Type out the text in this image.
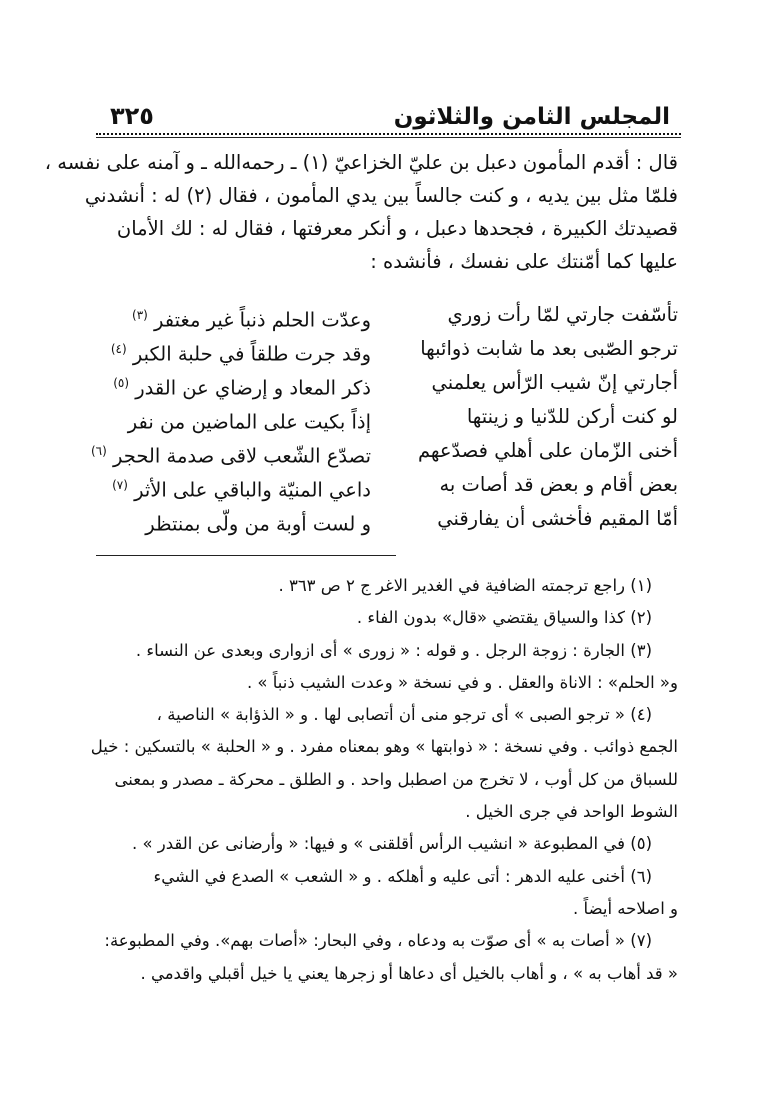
المجلس الثامن والثلاثون
٣٢٥
قال : أقدم المأمون دعبل بن عليّ الخزاعيّ (١) ـ رحمه‌الله ـ و آمنه على نفسه ،
فلمّا مثل بين يديه ، و كنت جالساً بين يدي المأمون ، فقال (٢) له : أنشدني
قصيدتك الكبيرة ، فجحدها دعبل ، و أنكر معرفتها ، فقال له : لك الأمان
عليها كما أمّنتك على نفسك ، فأنشده :
تأسّفت جارتي لمّا رأت زوري
وعدّت الحلم ذنباً غير مغتفر $^{(٣)}$
ترجو الصّبى بعد ما شابت ذوائبها
وقد جرت طلقاً في حلبة الكبر $^{(٤)}$
أجارتي إنّ شيب الرّأس يعلمني
ذكر المعاد و إرضاي عن القدر $^{(٥)}$
لو كنت أركن للدّنيا و زينتها
إذاً بكيت على الماضين من نفر
أخنى الزّمان على أهلي فصدّعهم
تصدّع الشّعب لاقى صدمة الحجر $^{(٦)}$
بعض أقام و بعض قد أصات به
داعي المنيّة والباقي على الأثر $^{(٧)}$
أمّا المقيم فأخشى أن يفارقني
و لست أوبة من ولّى بمنتظر
(١) راجع ترجمته الضافية في الغدير الاغر ج ٢ ص ٣٦٣ .
(٢) كذا والسياق يقتضي «قال» بدون الفاء .
(٣) الجارة : زوجة الرجل . و قوله : « زورى » أى ازوارى وبعدى عن النساء .
و« الحلم» : الاناة والعقل . و في نسخة « وعدت الشيب ذنباً » .
(٤) « ترجو الصبى » أى ترجو منى أن أتصابى لها . و « الذؤابة » الناصية ،
الجمع ذوائب . وفي نسخة : « ذوابتها » وهو بمعناه مفرد . و « الحلبة » بالتسكين : خيل
للسباق من كل أوب ، لا تخرج من اصطبل واحد . و الطلق ـ محركة ـ مصدر و بمعنى
الشوط الواحد في جرى الخيل .
(٥) في المطبوعة « انشيب الرأس أقلقنى » و فيها: « وأرضانى عن القدر » .
(٦) أخنى عليه الدهر : أتى عليه و أهلكه . و « الشعب » الصدع في الشيء
و اصلاحه أيضاً .
(٧) « أصات به » أى صوّت به ودعاه ، وفي البحار: «أصات بهم». وفي المطبوعة:
« قد أهاب به » ، و أهاب بالخيل أى دعاها أو زجرها يعني يا خيل أقبلي واقدمي .
